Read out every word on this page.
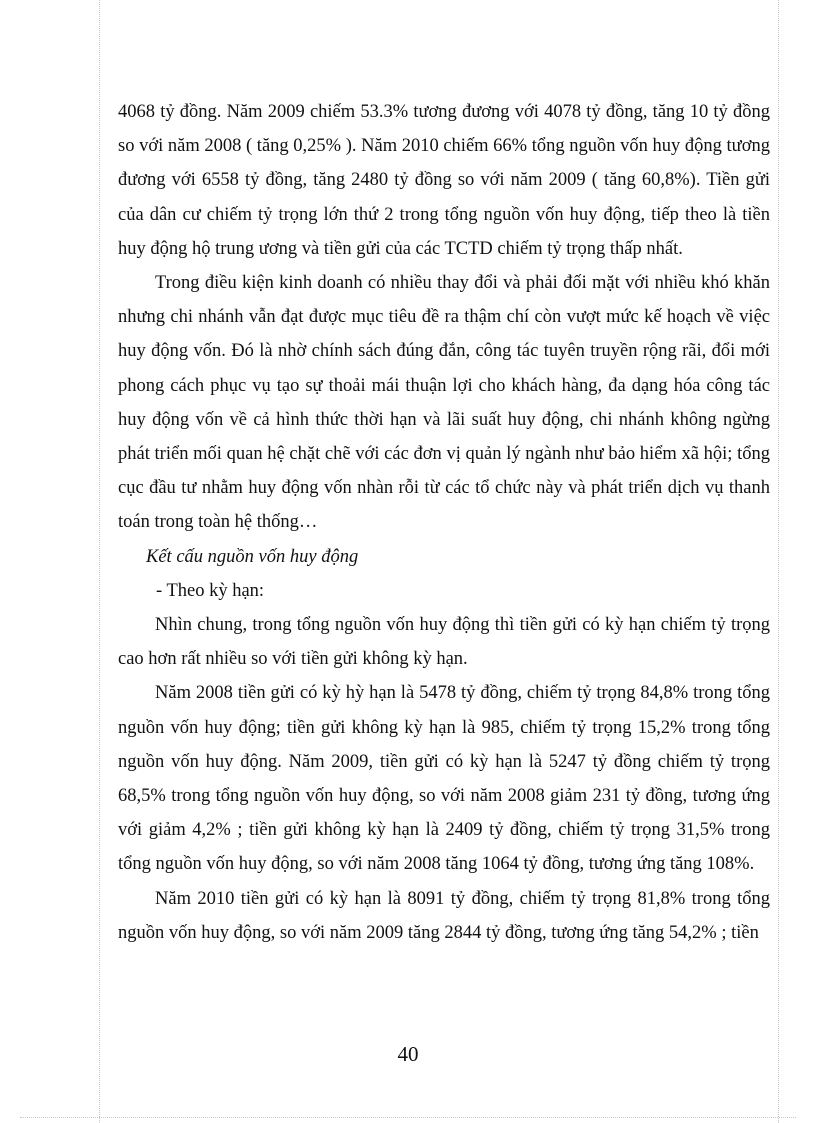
4068 tỷ đồng. Năm 2009 chiếm 53.3% tương đương với 4078 tỷ đồng, tăng 10 tỷ đồng so với năm 2008 ( tăng 0,25% ). Năm 2010 chiếm 66% tổng nguồn vốn huy động tương đương với 6558 tỷ đồng, tăng 2480 tỷ đồng so với năm 2009 ( tăng 60,8%). Tiền gửi của dân cư chiếm tỷ trọng lớn thứ 2 trong tổng nguồn vốn huy động, tiếp theo là tiền huy động hộ trung ương và tiền gửi của các TCTD chiếm tỷ trọng thấp nhất.

Trong điều kiện kinh doanh có nhiều thay đổi và phải đối mặt với nhiều khó khăn nhưng chi nhánh vẫn đạt được mục tiêu đề ra thậm chí còn vượt mức kế hoạch về việc huy động vốn. Đó là nhờ chính sách đúng đắn, công tác tuyên truyền rộng rãi, đổi mới phong cách phục vụ tạo sự thoải mái thuận lợi cho khách hàng, đa dạng hóa công tác huy động vốn về cả hình thức thời hạn và lãi suất huy động, chi nhánh không ngừng phát triển mối quan hệ chặt chẽ với các đơn vị quản lý ngành như bảo hiểm xã hội; tổng cục đầu tư nhằm huy động vốn nhàn rỗi từ các tổ chức này và phát triển dịch vụ thanh toán trong toàn hệ thống…

Kết cấu nguồn vốn huy động

- Theo kỳ hạn:

Nhìn chung, trong tổng nguồn vốn huy động thì tiền gửi có kỳ hạn chiếm tỷ trọng cao hơn rất nhiều so với tiền gửi không kỳ hạn.

Năm 2008 tiền gửi có kỳ hỳ hạn là 5478 tỷ đồng, chiếm tỷ trọng 84,8% trong tổng nguồn vốn huy động; tiền gửi không kỳ hạn là 985, chiếm tỷ trọng 15,2% trong tổng nguồn vốn huy động. Năm 2009, tiền gửi có kỳ hạn là 5247 tỷ đồng chiếm tỷ trọng 68,5% trong tổng nguồn vốn huy động, so với năm 2008 giảm 231 tỷ đồng, tương ứng với giảm 4,2% ; tiền gửi không kỳ hạn là 2409 tỷ đồng, chiếm tỷ trọng 31,5% trong tổng nguồn vốn huy động, so với năm 2008 tăng 1064 tỷ đồng, tương ứng tăng 108%.

Năm 2010 tiền gửi có kỳ hạn là 8091 tỷ đồng, chiếm tỷ trọng 81,8% trong tổng nguồn vốn huy động, so với năm 2009 tăng 2844 tỷ đồng, tương ứng tăng 54,2% ; tiền

40
